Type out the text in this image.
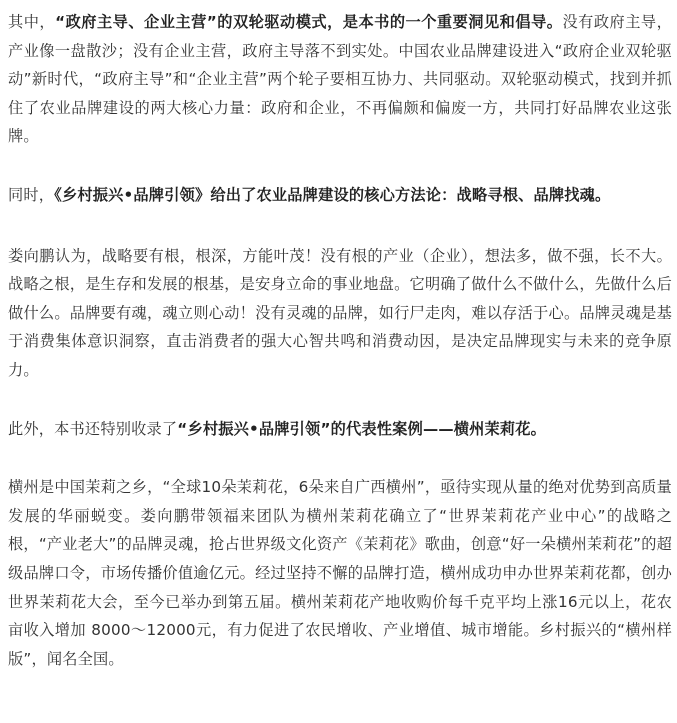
其中，“政府主导、企业主营”的双轮驱动模式，是本书的一个重要洞见和倡导。没有政府主导，产业像一盘散沙；没有企业主营，政府主导落不到实处。中国农业品牌建设进入“政府企业双轮驱动”新时代，“政府主导”和“企业主营”两个轮子要相互协力、共同驱动。双轮驱动模式，找到并抓住了农业品牌建设的两大核心力量：政府和企业，不再偏颇和偏废一方，共同打好品牌农业这张牌。

同时，《乡村振兴•品牌引领》给出了农业品牌建设的核心方法论：战略寻根、品牌找魂。

娄向鹏认为，战略要有根，根深，方能叶茂！没有根的产业（企业），想法多，做不强，长不大。战略之根，是生存和发展的根基，是安身立命的事业地盘。它明确了做什么不做什么，先做什么后做什么。品牌要有魂，魂立则心动！没有灵魂的品牌，如行尸走肉，难以存活于心。品牌灵魂是基于消费集体意识洞察，直击消费者的强大心智共鸣和消费动因，是决定品牌现实与未来的竞争原力。

此外，本书还特别收录了“乡村振兴•品牌引领”的代表性案例——横州茉莉花。

横州是中国茉莉之乡，“全球10朵茉莉花，6朵来自广西横州”，亟待实现从量的绝对优势到高质量发展的华丽蜕变。娄向鹏带领福来团队为横州茉莉花确立了“世界茉莉花产业中心”的战略之根，“产业老大”的品牌灵魂，抢占世界级文化资产《茉莉花》歌曲，创意“好一朵横州茉莉花”的超级品牌口令，市场传播价值逾亿元。经过坚持不懈的品牌打造，横州成功申办世界茉莉花都，创办世界茉莉花大会，至今已举办到第五届。横州茉莉花产地收购价每千克平均上涨16元以上，花农亩收入增加 8000～12000元，有力促进了农民增收、产业增值、城市增能。乡村振兴的“横州样版”，闻名全国。
